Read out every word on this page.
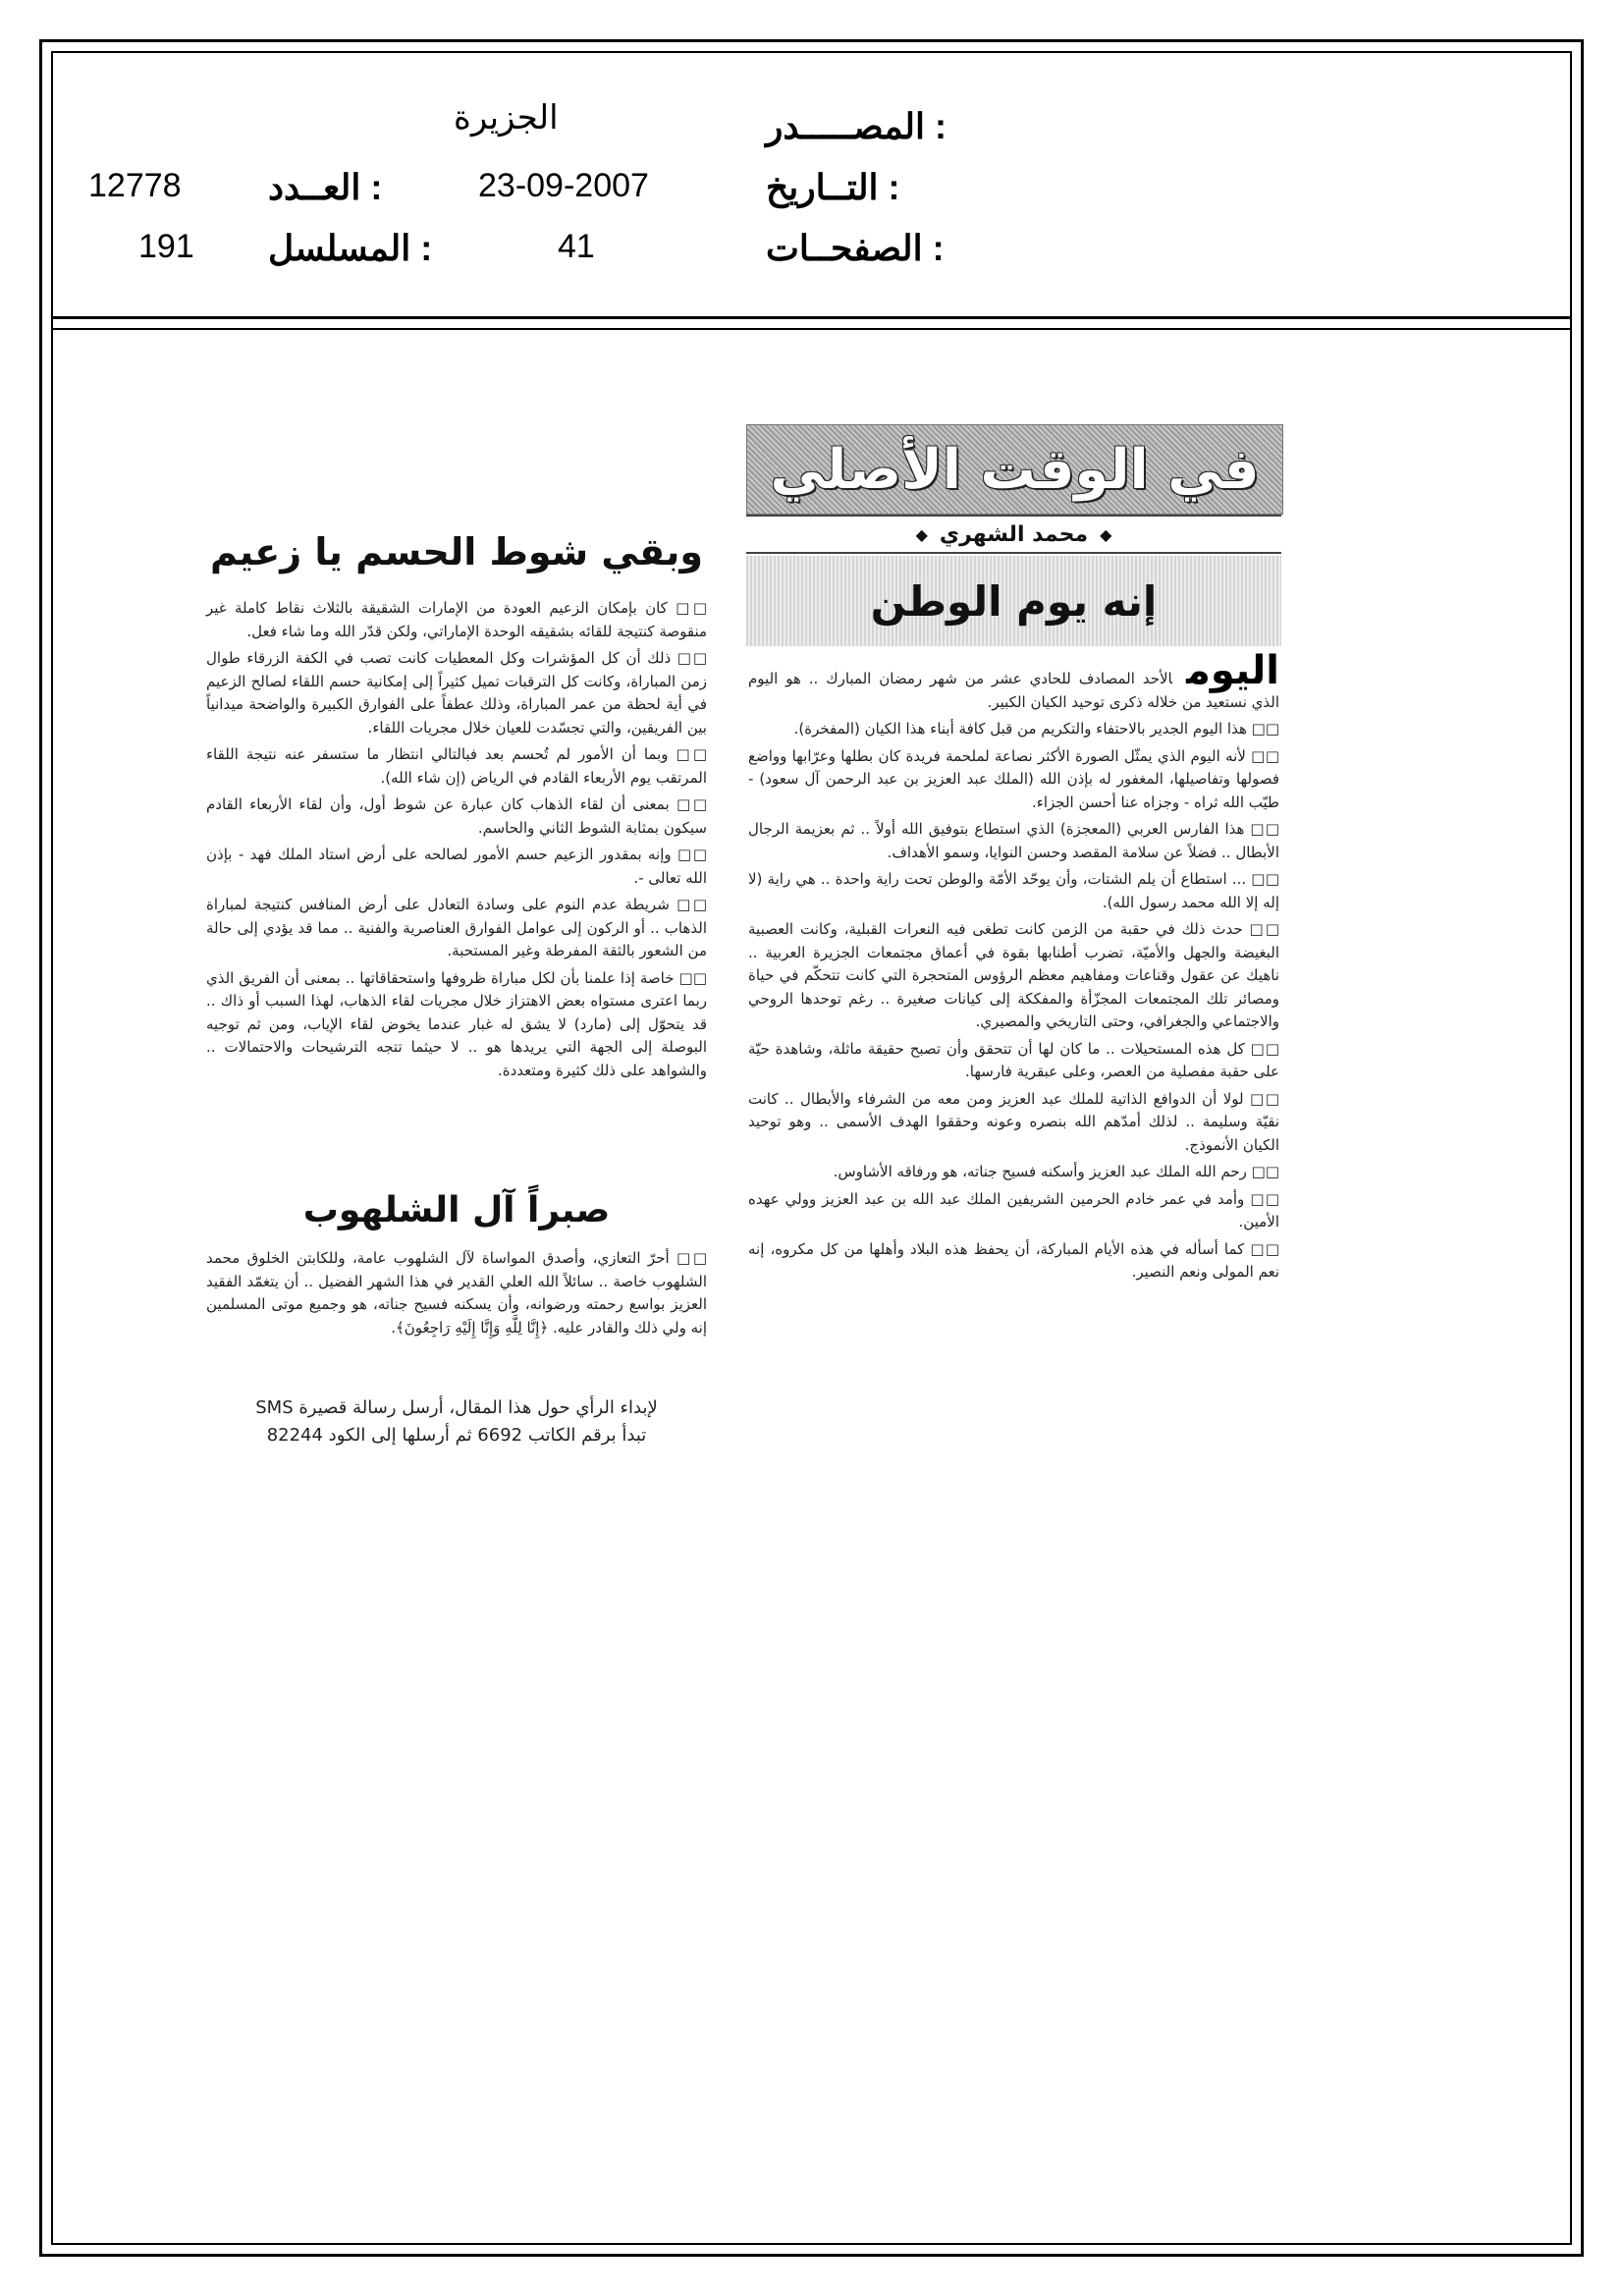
المصـــــدر :
الجزيرة
التــاريخ :
23-09-2007
العــدد :
12778
الصفحــات :
41
المسلسل :
191
في الوقت الأصلي
◆
محمد الشهري
◆
إنه يوم الوطن

اليومالأحد المصادف للحادي عشر من شهر رمضان المبارك .. هو اليوم الذي نستعيد من خلاله ذكرى توحيد الكيان الكبير.

□□ هذا اليوم الجدير بالاحتفاء والتكريم من قبل كافة أبناء هذا الكيان (المفخرة).

□□ لأنه اليوم الذي يمثّل الصورة الأكثر نصاعة لملحمة فريدة كان بطلها وعرّابها وواضع فصولها وتفاصيلها، المغفور له بإذن الله (الملك عبد العزيز بن عبد الرحمن آل سعود) - طيّب الله ثراه - وجزاه عنا أحسن الجزاء.

□□ هذا الفارس العربي (المعجزة) الذي استطاع بتوفيق الله أولاً .. ثم بعزيمة الرجال الأبطال .. فضلاً عن سلامة المقصد وحسن النوايا، وسمو الأهداف.

□□ ... استطاع أن يلم الشتات، وأن يوحّد الأمّة والوطن تحت راية واحدة .. هي راية (لا إله إلا الله محمد رسول الله).

□□ حدث ذلك في حقبة من الزمن كانت تطغى فيه النعرات القبلية، وكانت العصبية البغيضة والجهل والأميّة، تضرب أطنابها بقوة في أعماق مجتمعات الجزيرة العربية .. ناهيك عن عقول وقناعات ومفاهيم معظم الرؤوس المتحجرة التي كانت تتحكّم في حياة ومصائر تلك المجتمعات المجزّأة والمفككة إلى كيانات صغيرة .. رغم توحدها الروحي والاجتماعي والجغرافي، وحتى التاريخي والمصيري.

□□ كل هذه المستحيلات .. ما كان لها أن تتحقق وأن تصبح حقيقة ماثلة، وشاهدة حيّة على حقبة مفصلية من العصر، وعلى عبقرية فارسها.

□□ لولا أن الدوافع الذاتية للملك عبد العزيز ومن معه من الشرفاء والأبطال .. كانت نقيّة وسليمة .. لذلك أمدّهم الله بنصره وعونه وحققوا الهدف الأسمى .. وهو توحيد الكيان الأنموذج.

□□ رحم الله الملك عبد العزيز وأسكنه فسيح جناته، هو ورفاقه الأشاوس.

□□ وأمد في عمر خادم الحرمين الشريفين الملك عبد الله بن عبد العزيز وولي عهده الأمين.

□□ كما أسأله في هذه الأيام المباركة، أن يحفظ هذه البلاد وأهلها من كل مكروه، إنه نعم المولى ونعم النصير.

وبقي شوط الحسم يا زعيم

□□ كان بإمكان الزعيم العودة من الإمارات الشقيقة بالثلاث نقاط كاملة غير منقوصة كنتيجة للقائه بشقيقه الوحدة الإماراتي، ولكن قدّر الله وما شاء فعل.

□□ ذلك أن كل المؤشرات وكل المعطيات كانت تصب في الكفة الزرقاء طوال زمن المباراة، وكانت كل الترقبات تميل كثيراً إلى إمكانية حسم اللقاء لصالح الزعيم في أية لحظة من عمر المباراة، وذلك عطفاً على الفوارق الكبيرة والواضحة ميدانياً بين الفريقين، والتي تجسّدت للعيان خلال مجريات اللقاء.

□□ وبما أن الأمور لم تُحسم بعد فبالتالي انتظار ما ستسفر عنه نتيجة اللقاء المرتقب يوم الأربعاء القادم في الرياض (إن شاء الله).

□□ بمعنى أن لقاء الذهاب كان عبارة عن شوط أول، وأن لقاء الأربعاء القادم سيكون بمثابة الشوط الثاني والحاسم.

□□ وإنه بمقدور الزعيم حسم الأمور لصالحه على أرض استاد الملك فهد - بإذن الله تعالى -.

□□ شريطة عدم النوم على وسادة التعادل على أرض المنافس كنتيجة لمباراة الذهاب .. أو الركون إلى عوامل الفوارق العناصرية والفنية .. مما قد يؤدي إلى حالة من الشعور بالثقة المفرطة وغير المستحبة.

□□ خاصة إذا علمنا بأن لكل مباراة ظروفها واستحقاقاتها .. بمعنى أن الفريق الذي ربما اعترى مستواه بعض الاهتزاز خلال مجريات لقاء الذهاب، لهذا السبب أو ذاك .. قد يتحوّل إلى (مارد) لا يشق له غبار عندما يخوض لقاء الإياب، ومن ثم توجيه البوصلة إلى الجهة التي يريدها هو .. لا حيثما تتجه الترشيحات والاحتمالات .. والشواهد على ذلك كثيرة ومتعددة.

صبراً آل الشلهوب

□□ أحرّ التعازي، وأصدق المواساة لآل الشلهوب عامة، وللكابتن الخلوق محمد الشلهوب خاصة .. سائلاً الله العلي القدير في هذا الشهر الفضيل .. أن يتغمّد الفقيد العزيز بواسع رحمته ورضوانه، وأن يسكنه فسيح جناته، هو وجميع موتى المسلمين إنه ولي ذلك والقادر عليه. ﴿إِنَّا لِلَّهِ وَإِنَّا إِلَيْهِ رَاجِعُونَ﴾.

لإبداء الرأي حول هذا المقال، أرسل رسالة قصيرة SMS
تبدأ برقم الكاتب 6692 ثم أرسلها إلى الكود 82244
